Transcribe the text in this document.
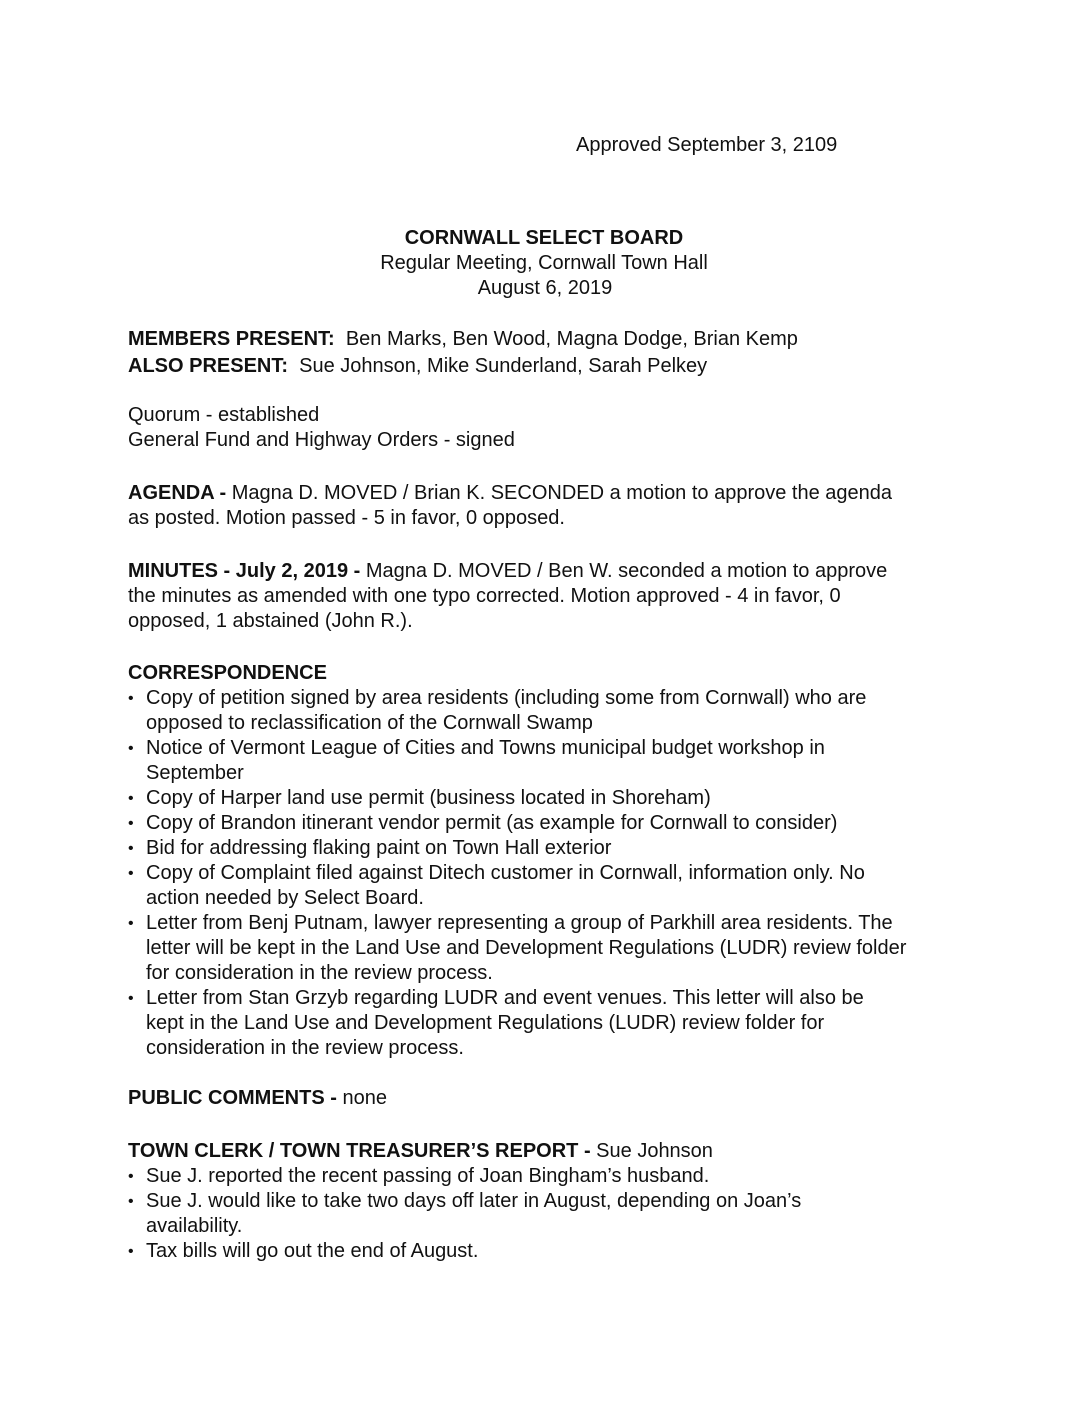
Approved September 3, 2109
CORNWALL SELECT BOARD
Regular Meeting, Cornwall Town Hall
August 6, 2019
MEMBERS PRESENT: Ben Marks, Ben Wood, Magna Dodge, Brian Kemp
ALSO PRESENT: Sue Johnson, Mike Sunderland, Sarah Pelkey
Quorum - established
General Fund and Highway Orders - signed
AGENDA - Magna D. MOVED / Brian K. SECONDED a motion to approve the agenda
as posted. Motion passed - 5 in favor, 0 opposed.
MINUTES - July 2, 2019 - Magna D. MOVED / Ben W. seconded a motion to approve
the minutes as amended with one typo corrected. Motion approved - 4 in favor, 0
opposed, 1 abstained (John R.).
CORRESPONDENCE
• Copy of petition signed by area residents (including some from Cornwall) who are
opposed to reclassification of the Cornwall Swamp
• Notice of Vermont League of Cities and Towns municipal budget workshop in
September
• Copy of Harper land use permit (business located in Shoreham)
• Copy of Brandon itinerant vendor permit (as example for Cornwall to consider)
• Bid for addressing flaking paint on Town Hall exterior
• Copy of Complaint filed against Ditech customer in Cornwall, information only. No
action needed by Select Board.
• Letter from Benj Putnam, lawyer representing a group of Parkhill area residents. The
letter will be kept in the Land Use and Development Regulations (LUDR) review folder
for consideration in the review process.
• Letter from Stan Grzyb regarding LUDR and event venues. This letter will also be
kept in the Land Use and Development Regulations (LUDR) review folder for
consideration in the review process.
PUBLIC COMMENTS - none
TOWN CLERK / TOWN TREASURER’S REPORT - Sue Johnson
• Sue J. reported the recent passing of Joan Bingham’s husband.
• Sue J. would like to take two days off later in August, depending on Joan’s
availability.
• Tax bills will go out the end of August.
